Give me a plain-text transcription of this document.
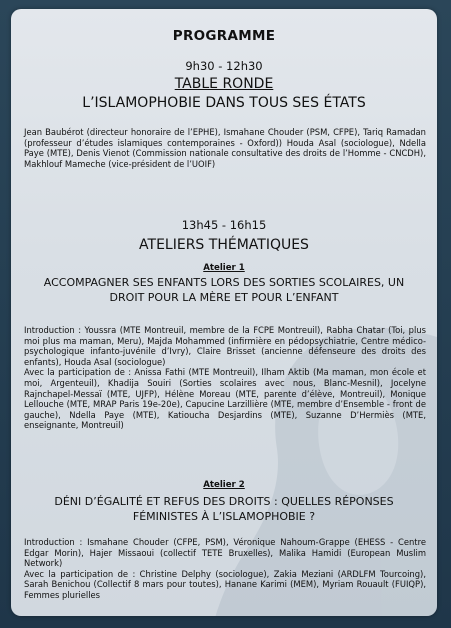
PROGRAMME
9h30 - 12h30
TABLE RONDE
L’ISLAMOPHOBIE DANS TOUS SES ÉTATS
Jean Baubérot (directeur honoraire de l’EPHE), Ismahane Chouder (PSM, CFPE), Tariq Ramadan (professeur d’études islamiques contemporaines - Oxford)) Houda Asal (sociologue), Ndella Paye (MTE), Denis Vienot (Commission nationale consultative des droits de l’Homme - CNCDH), Makhlouf Mameche (vice-président de l’UOIF)
13h45 - 16h15
ATELIERS THÉMATIQUES
Atelier 1
ACCOMPAGNER SES ENFANTS LORS DES SORTIES SCOLAIRES, UN DROIT POUR LA MÈRE ET POUR L’ENFANT
Introduction : Youssra (MTE Montreuil, membre de la FCPE Montreuil), Rabha Chatar (Toi, plus moi plus ma maman, Meru), Majda Mohammed (infirmière en pédopsychiatrie, Centre médico-psychologique infanto-juvénile d’Ivry), Claire Brisset (ancienne défenseure des droits des enfants), Houda Asal (sociologue)
Avec la participation de : Anissa Fathi (MTE Montreuil), Ilham Aktib (Ma maman, mon école et moi, Argenteuil), Khadija Souiri (Sorties scolaires avec nous, Blanc-Mesnil), Jocelyne Rajnchapel-Messaï (MTE, UJFP), Hélène Moreau (MTE, parente d’élève, Montreuil), Monique Lellouche (MTE, MRAP Paris 19e-20e), Capucine Larzillière (MTE, membre d’Ensemble - front de gauche), Ndella Paye (MTE), Katioucha Desjardins (MTE), Suzanne D’Hermiès (MTE, enseignante, Montreuil)
Atelier 2
DÉNI D’ÉGALITÉ ET REFUS DES DROITS : QUELLES RÉPONSES FÉMINISTES À L’ISLAMOPHOBIE ?
Introduction : Ismahane Chouder (CFPE, PSM), Véronique Nahoum-Grappe (EHESS - Centre Edgar Morin), Hajer Missaoui (collectif TETE Bruxelles), Malika Hamidi (European Muslim Network)
Avec la participation de : Christine Delphy (sociologue), Zakia Meziani (ARDLFM Tourcoing), Sarah Benichou (Collectif 8 mars pour toutes), Hanane Karimi (MEM), Myriam Rouault (FUIQP), Femmes plurielles
